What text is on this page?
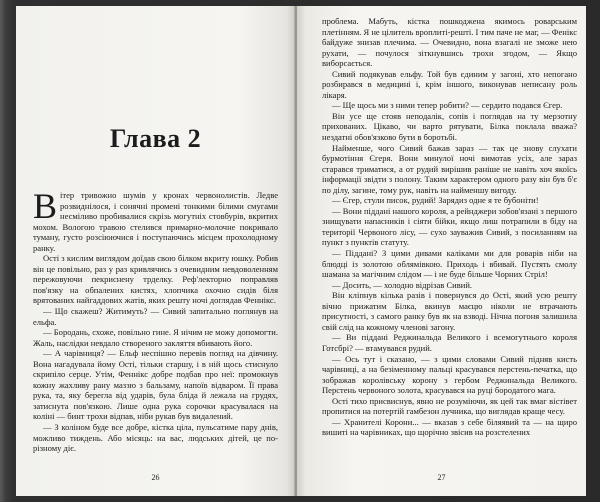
Глава 2

Вітер тривожно шумів у кронах червонолистів. Ледве розвиднілося, і сонячні промені тонкими білими смугами несміливо пробивалися скрізь могутніх стовбурів, вкритих мохом. Вологою травою стелився примарно-молочне покривало туману, густо розсіюючися і поступаючись місцем прохолодному ранку.

Ості з кислим виглядом доїдав свою білком вкриту юшку. Робив він це повільно, раз у раз кривлячись з очевидним невдоволенням пережовуючи пекриснену трделку. Реф'лекторно поправляв пов'язку на обпалених кистях, хлопчика охочно сидів біля врятованих найгаддових жатів, яких решту ночі доглядав Феннікс.

— Що скажеш? Житимуть? — Сивий запитально поглянув на ельфа.

— Бородань, схоже, повільно гине. Я нічим не можу допомогти. Жаль, наслідки невдало створеного закляття вбивають його.

— А чарівниця? — Ельф неспішно перевів погляд на дівчину. Вона нагадувала йому Ості, тільки старшу, і в ній щось стиснуло скрипіло серце. Утім, Феннікс добре подбав про неї: промокнув кожну жахливу рану маззю з бальзаму, напоїв відваром. Її права рука, та, яку берегла від ударів, була бліда й лежала на грудях, затиснута пов'язкою. Лише одна рука сорочки красувалася на коліні — бинт трохи відпав, ніби рукав був видалений.

— З коліном буде все добре, кістка ціла, пульсатиме пару днів, можливо тиждень. Або місяць: на вас, людських дітей, це по-різному діє.

26

проблема. Мабуть, кістка пошкоджена якимось роварським плетінням. Я не цілитель вроплиті-решті. І тим паче не маг, — Фенікс байдуже знизав плечима. — Очевидно, вона взагалі не зможе нею рухати, — почулося зіткнувшись трохи згодом, — Якщо виборсається.

Сивий подякував ельфу. Той був єдиним у загоні, хто непогано розбирався в медицині і, крім іншого, виконував неписану роль лікаря.

— Ще щось ми з ними тепер робити? — сердито подався Єгер.

Він усе ще стояв неподалік, сопів і поглядав на ту мерзотну прихованих. Цікаво, чи варто рятувати, Білка поклала вважа? нездатні обов'язково бути в боротьбі.

Найменше, чого Сивий бажав зараз — так це знову слухати бурмотіння Єгеря. Вони минулої ночі вимотав усіх, але зараз старався триматися, а от рудий вирішив раніше не навіть хоч якоїсь інформації звідти з полону. Таким характером одного разу він був б'є по ділу, загине, тому рук, навіть на найменшу вигоду.

— Єгер, стули писок, рудий! Зарядиз одне я те бубоніти!

— Вони піддані нашого короля, а рейнджери зобов'язані з першого знищувати напасників і сіяти бійки, якщо лиш потрапили в біду на території Червоного лісу, — сухо зауважив Сивий, з посиланням на пункт з пунктів статуту.

— Піддані? З цими дивами каліками ми для роварів ніби на блюдці із золотою облямівкою. Приходь і вбивай. Пустять смолу шамана за магічним слідом — і не буде більше Чорних Стріл!

— Досить, — холодно відрізав Сивий.

Він кліпнув кілька разів і повернувся до Ості, який усю решту вічно прижатим Білка, вкинув маєцю ніколи не втрачають присутності, з самого ранку був як на взводі. Нічна погоня залишила свій слід на кожному членові загону.

— Ви піддані Реджинальда Великого і всемогутнього короля Готсбрі? — втамувався рудий.

— Ось тут і сказано, — з цими словами Сивий підняв кисть чарівниці, а на безіменному пальці красувався перстень-печатка, що зображав королівську корону з гербом Реджинальда Великого. Перстень червоного золота, красувався на руці бородатого мага.

Ості тихо присвиснув, явно не розуміючи, як цей так вмаг вістівет пропитися на потертій гамбезон лучника, що виглядав краще чесу.

— Хранителі Корони... — вказав з себе біляявий та — на щиро вишиті на чарівниках, що щорічно звісив на розстелених

27
